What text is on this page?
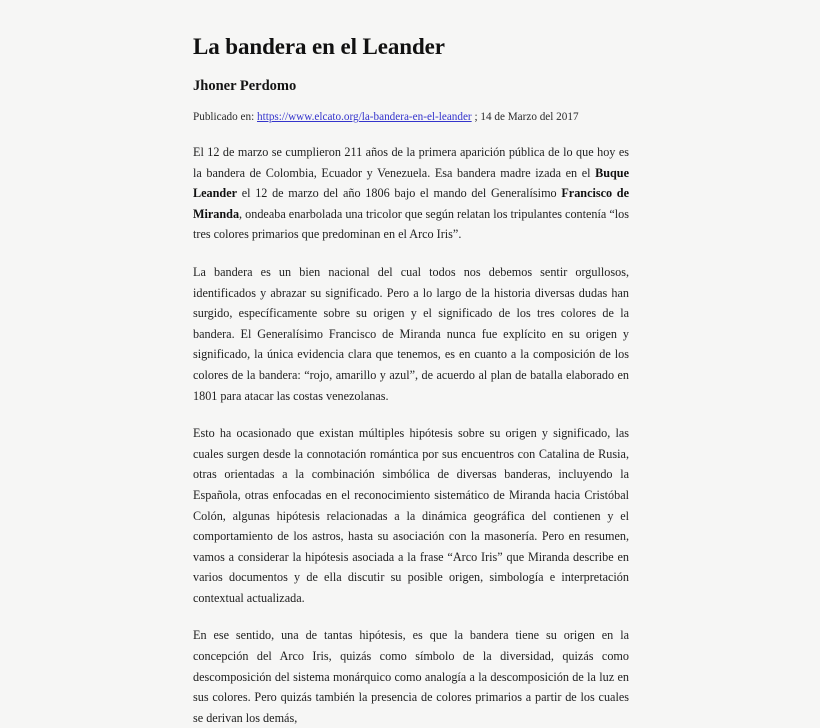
La bandera en el Leander
Jhoner Perdomo
Publicado en: https://www.elcato.org/la-bandera-en-el-leander ; 14 de Marzo del 2017

El 12 de marzo se cumplieron 211 años de la primera aparición pública de lo que hoy es la bandera de Colombia, Ecuador y Venezuela. Esa bandera madre izada en el Buque Leander el 12 de marzo del año 1806 bajo el mando del Generalísimo Francisco de Miranda, ondeaba enarbolada una tricolor que según relatan los tripulantes contenía “los tres colores primarios que predominan en el Arco Iris”.

La bandera es un bien nacional del cual todos nos debemos sentir orgullosos, identificados y abrazar su significado. Pero a lo largo de la historia diversas dudas han surgido, específicamente sobre su origen y el significado de los tres colores de la bandera. El Generalísimo Francisco de Miranda nunca fue explícito en su origen y significado, la única evidencia clara que tenemos, es en cuanto a la composición de los colores de la bandera: “rojo, amarillo y azul”, de acuerdo al plan de batalla elaborado en 1801 para atacar las costas venezolanas.

Esto ha ocasionado que existan múltiples hipótesis sobre su origen y significado, las cuales surgen desde la connotación romántica por sus encuentros con Catalina de Rusia, otras orientadas a la combinación simbólica de diversas banderas, incluyendo la Española, otras enfocadas en el reconocimiento sistemático de Miranda hacia Cristóbal Colón, algunas hipótesis relacionadas a la dinámica geográfica del contienen y el comportamiento de los astros, hasta su asociación con la masonería. Pero en resumen, vamos a considerar la hipótesis asociada a la frase “Arco Iris” que Miranda describe en varios documentos y de ella discutir su posible origen, simbología e interpretación contextual actualizada.

En ese sentido, una de tantas hipótesis, es que la bandera tiene su origen en la concepción del Arco Iris, quizás como símbolo de la diversidad, quizás como descomposición del sistema monárquico como analogía a la descomposición de la luz en sus colores. Pero quizás también la presencia de colores primarios a partir de los cuales se derivan los demás,
